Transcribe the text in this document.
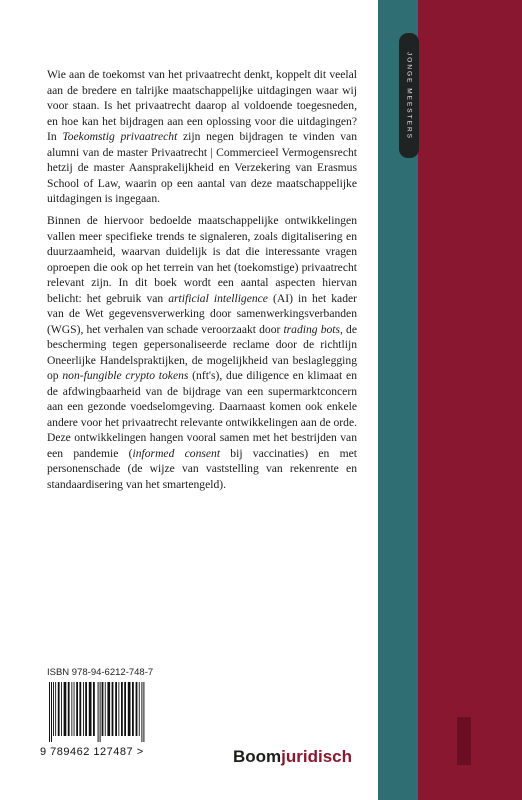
JONGE MEESTERS
Wie aan de toekomst van het privaatrecht denkt, koppelt dit veelal aan de bredere en talrijke maatschappelijke uitdagingen waar wij voor staan. Is het privaatrecht daarop al voldoende toegesneden, en hoe kan het bijdragen aan een oplossing voor die uitdagingen? In Toekomstig privaatrecht zijn negen bijdragen te vinden van alumni van de master Privaatrecht | Commercieel Vermogensrecht hetzij de master Aansprakelijkheid en Verzekering van Erasmus School of Law, waarin op een aantal van deze maatschappelijke uitdagingen is ingegaan.
Binnen de hiervoor bedoelde maatschappelijke ontwikkelingen vallen meer specifieke trends te signaleren, zoals digitalisering en duurzaamheid, waarvan duidelijk is dat die interessante vragen oproepen die ook op het terrein van het (toekomstige) privaatrecht relevant zijn. In dit boek wordt een aantal aspecten hiervan belicht: het gebruik van artificial intelligence (AI) in het kader van de Wet gegevensverwerking door samenwerkingsverbanden (WGS), het verhalen van schade veroorzaakt door trading bots, de bescherming tegen gepersonaliseerde reclame door de richtlijn Oneerlijke Handelspraktijken, de mogelijkheid van beslaglegging op non-fungible crypto tokens (nft's), due diligence en klimaat en de afdwingbaarheid van de bijdrage van een supermarktconcern aan een gezonde voedselomgeving. Daarnaast komen ook enkele andere voor het privaatrecht relevante ontwikkelingen aan de orde. Deze ontwikkelingen hangen vooral samen met het bestrijden van een pandemie (informed consent bij vaccinaties) en met personenschade (de wijze van vaststelling van rekenrente en standaardisering van het smartengeld).
ISBN 978-94-6212-748-7
9 789462 127487 >	Boomjuridisch
